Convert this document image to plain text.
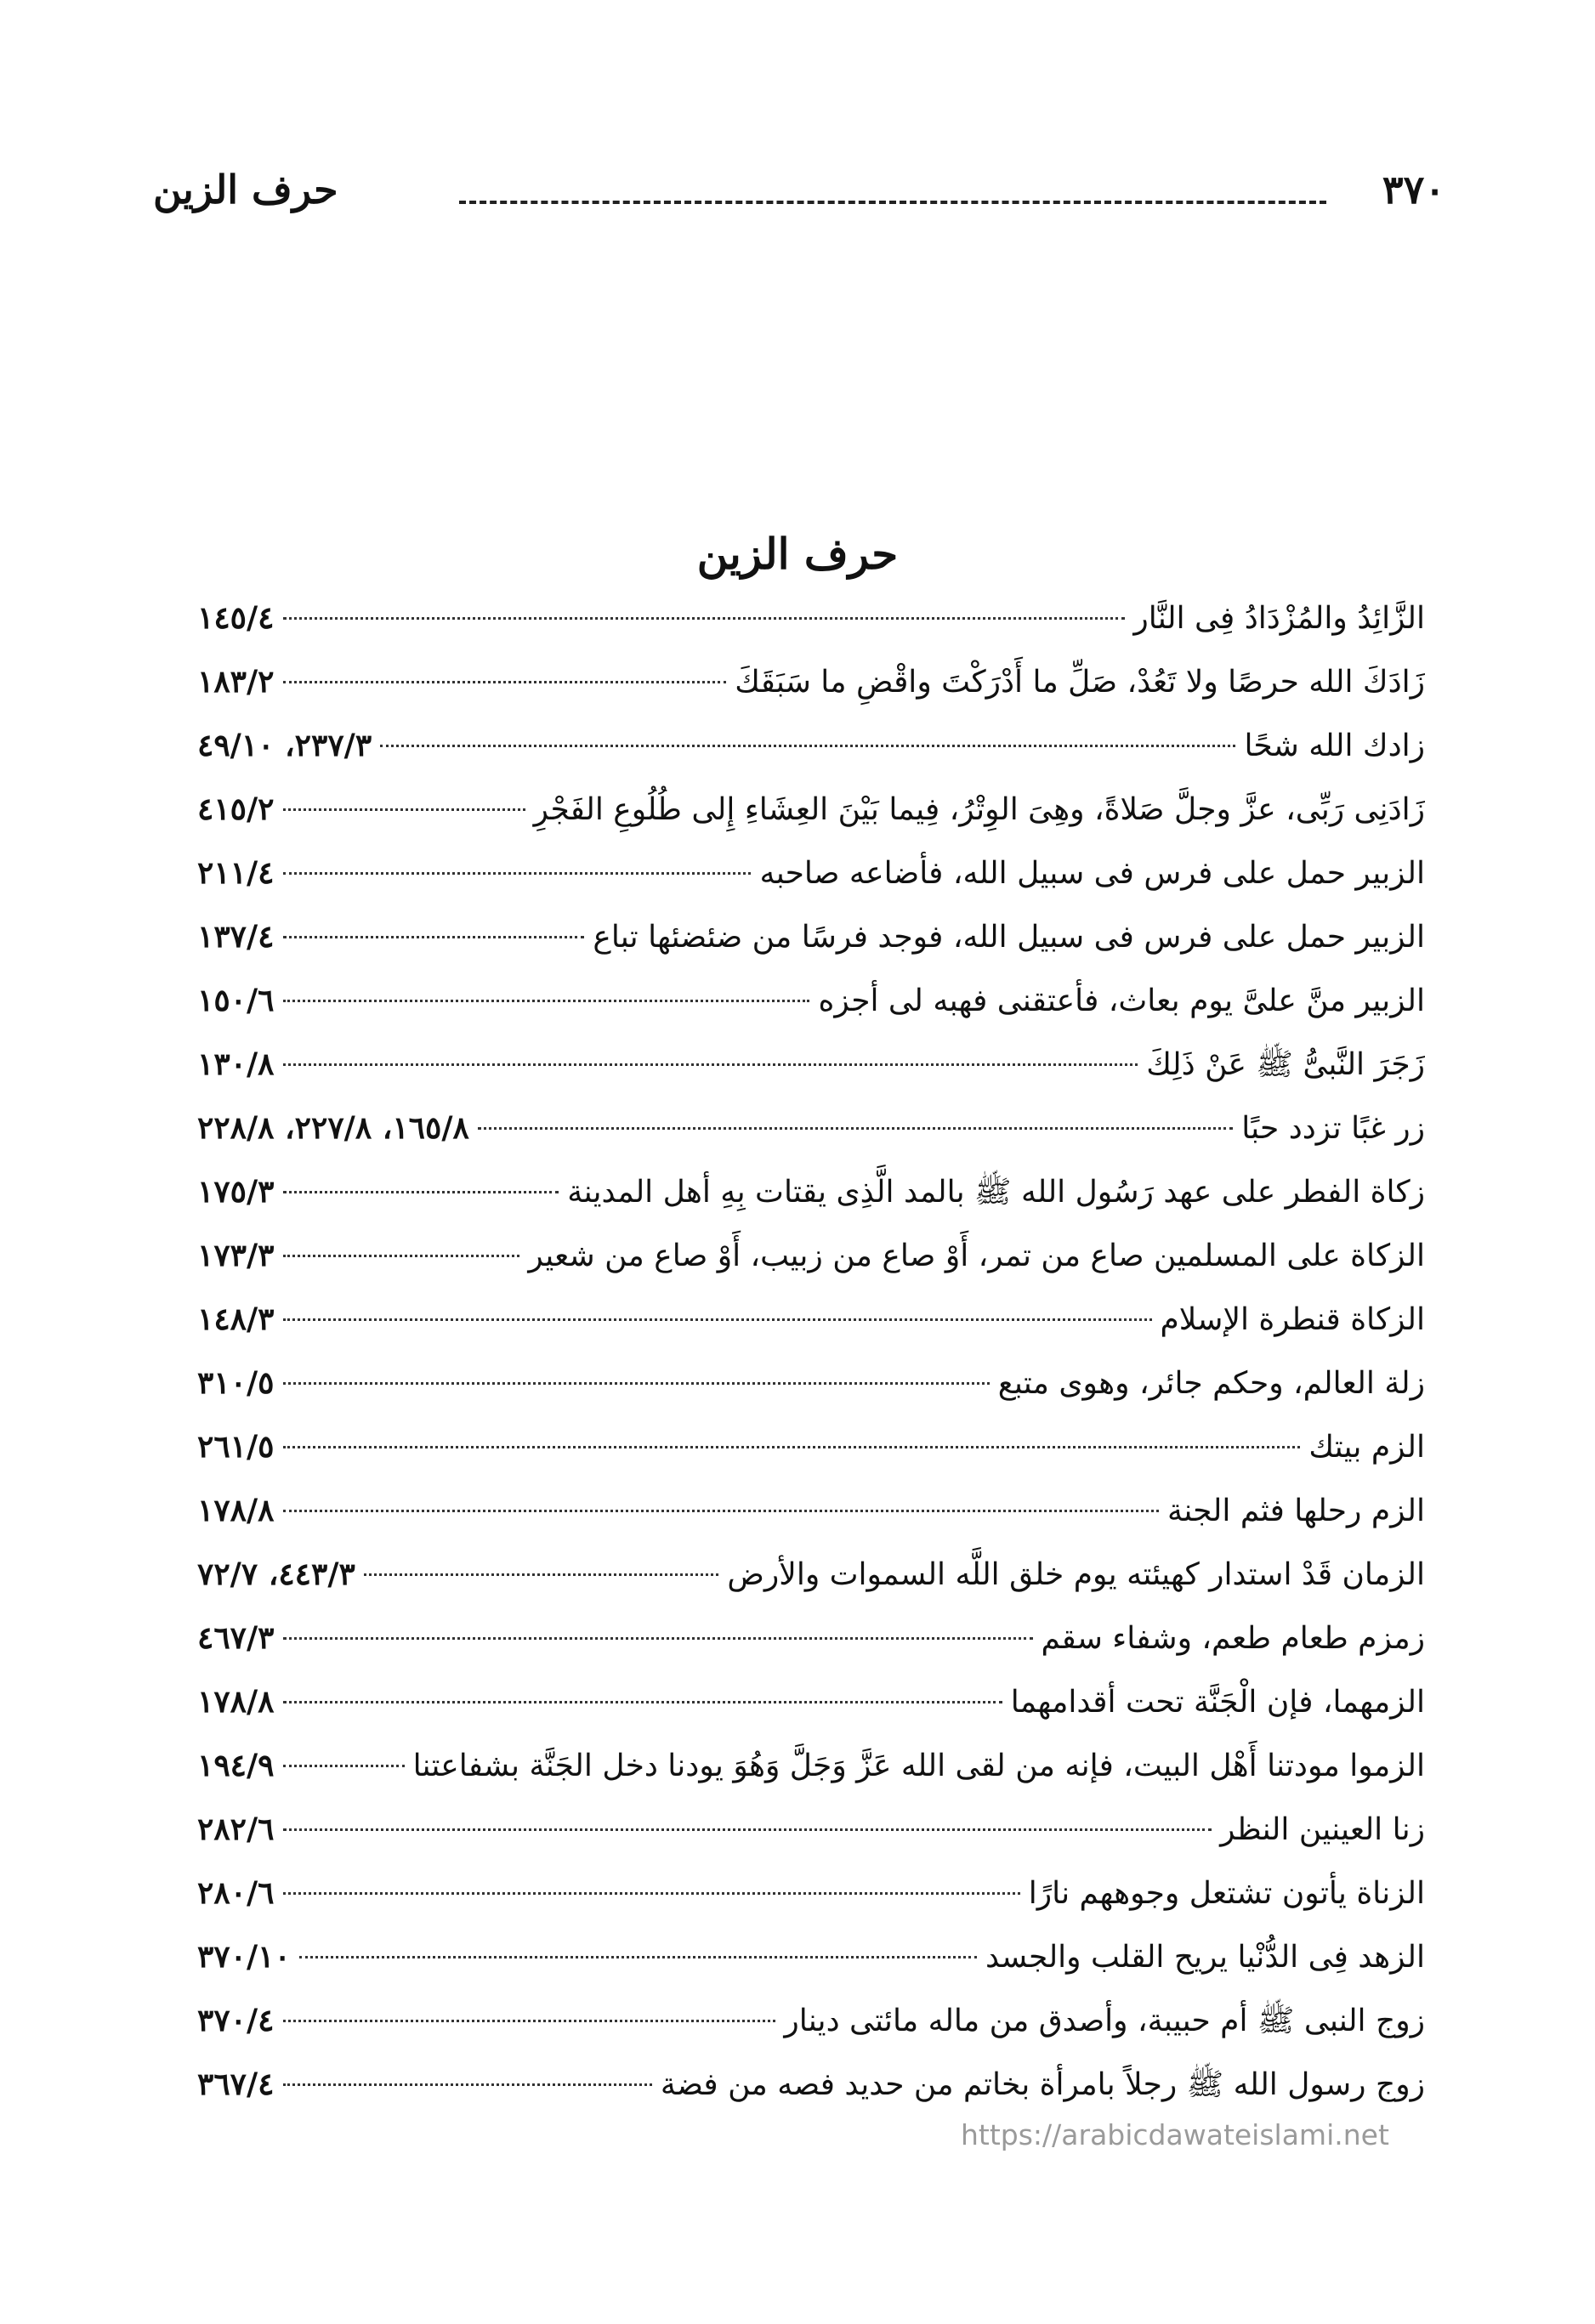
٣٧٠
حرف الزين
حرف الزين
الزَّائِدُ والمُزْدَادُ فِى النَّار
١٤٥/٤
زَادَكَ الله حرصًا ولا تَعُدْ، صَلِّ ما أَدْرَكْتَ واقْضِ ما سَبَقَكَ
١٨٣/٢
زادك الله شحًا
٢٣٧/٣، ٤٩/١٠
زَادَنِى رَبِّى، عزَّ وجلَّ صَلاةً، وهِىَ الوِتْرُ، فِيما بَيْنَ العِشَاءِ إِلى طُلُوعِ الفَجْرِ
٤١٥/٢
الزبير حمل على فرس فى سبيل الله، فأضاعه صاحبه
٢١١/٤
الزبير حمل على فرس فى سبيل الله، فوجد فرسًا من ضئضئها تباع
١٣٧/٤
الزبير منَّ علىَّ يوم بعاث، فأعتقنى فهبه لى أجزه
١٥٠/٦
زَجَرَ النَّبىُّ ﷺ عَنْ ذَلِكَ
١٣٠/٨
زر غبًا تزدد حبًا
١٦٥/٨، ٢٢٧/٨، ٢٢٨/٨
زكاة الفطر على عهد رَسُول الله ﷺ بالمد الَّذِى يقتات بِهِ أهل المدينة
١٧٥/٣
الزكاة على المسلمين صاع من تمر، أَوْ صاع من زبيب، أَوْ صاع من شعير
١٧٣/٣
الزكاة قنطرة الإسلام
١٤٨/٣
زلة العالم، وحكم جائر، وهوى متبع
٣١٠/٥
الزم بيتك
٢٦١/٥
الزم رحلها فثم الجنة
١٧٨/٨
الزمان قَدْ استدار كهيئته يوم خلق اللَّه السموات والأرض
٤٤٣/٣، ٧٢/٧
زمزم طعام طعم، وشفاء سقم
٤٦٧/٣
الزمهما، فإن الْجَنَّة تحت أقدامهما
١٧٨/٨
الزموا مودتنا أَهْل البيت، فإنه من لقى الله عَزَّ وَجَلَّ وَهُوَ يودنا دخل الجَنَّة بشفاعتنا
١٩٤/٩
زنا العينين النظر
٢٨٢/٦
الزناة يأتون تشتعل وجوههم نارًا
٢٨٠/٦
الزهد فِى الدُّنْيا يريح القلب والجسد
٣٧٠/١٠
زوج النبى ﷺ أم حبيبة، وأصدق من ماله مائتى دينار
٣٧٠/٤
زوج رسول الله ﷺ رجلاً بامرأة بخاتم من حديد فصه من فضة
٣٦٧/٤
https://arabicdawateislami.net
